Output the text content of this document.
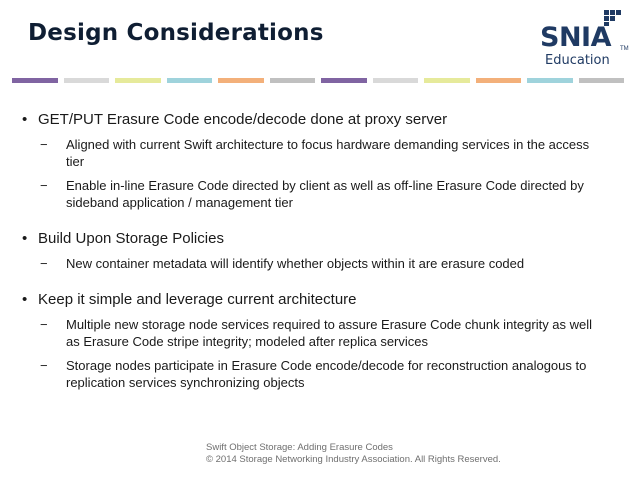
Design Considerations	SNIA TM
Education

• GET/PUT Erasure Code encode/decode done at proxy server

− Aligned with current Swift architecture to focus hardware demanding services in the access tier

− Enable in-line Erasure Code directed by client as well as off-line Erasure Code directed by sideband application / management tier

• Build Upon Storage Policies

− New container metadata will identify whether objects within it are erasure coded

• Keep it simple and leverage current architecture

− Multiple new storage node services required to assure Erasure Code chunk integrity as well as Erasure Code stripe integrity; modeled after replica services

− Storage nodes participate in Erasure Code encode/decode for reconstruction analogous to replication services synchronizing objects

Swift Object Storage: Adding Erasure Codes
© 2014 Storage Networking Industry Association. All Rights Reserved.
